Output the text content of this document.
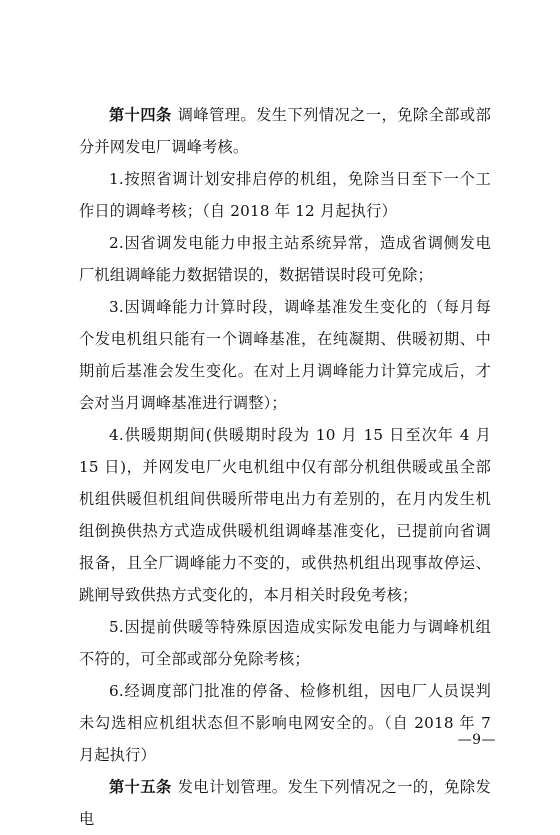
第十四条 调峰管理。发生下列情况之一，免除全部或部分并网发电厂调峰考核。

1.按照省调计划安排启停的机组，免除当日至下一个工作日的调峰考核；（自 2018 年 12 月起执行）

2.因省调发电能力申报主站系统异常，造成省调侧发电厂机组调峰能力数据错误的，数据错误时段可免除；

3.因调峰能力计算时段，调峰基准发生变化的（每月每个发电机组只能有一个调峰基准，在纯凝期、供暖初期、中期前后基准会发生变化。在对上月调峰能力计算完成后，才会对当月调峰基准进行调整）；

4.供暖期期间(供暖期时段为 10 月 15 日至次年 4 月 15 日)，并网发电厂火电机组中仅有部分机组供暖或虽全部机组供暖但机组间供暖所带电出力有差别的，在月内发生机组倒换供热方式造成供暖机组调峰基准变化，已提前向省调报备，且全厂调峰能力不变的，或供热机组出现事故停运、跳闸导致供热方式变化的，本月相关时段免考核；

5.因提前供暖等特殊原因造成实际发电能力与调峰机组不符的，可全部或部分免除考核；

6.经调度部门批准的停备、检修机组，因电厂人员误判未勾选相应机组状态但不影响电网安全的。（自 2018 年 7 月起执行）

第十五条 发电计划管理。发生下列情况之一的，免除发电

—9—
